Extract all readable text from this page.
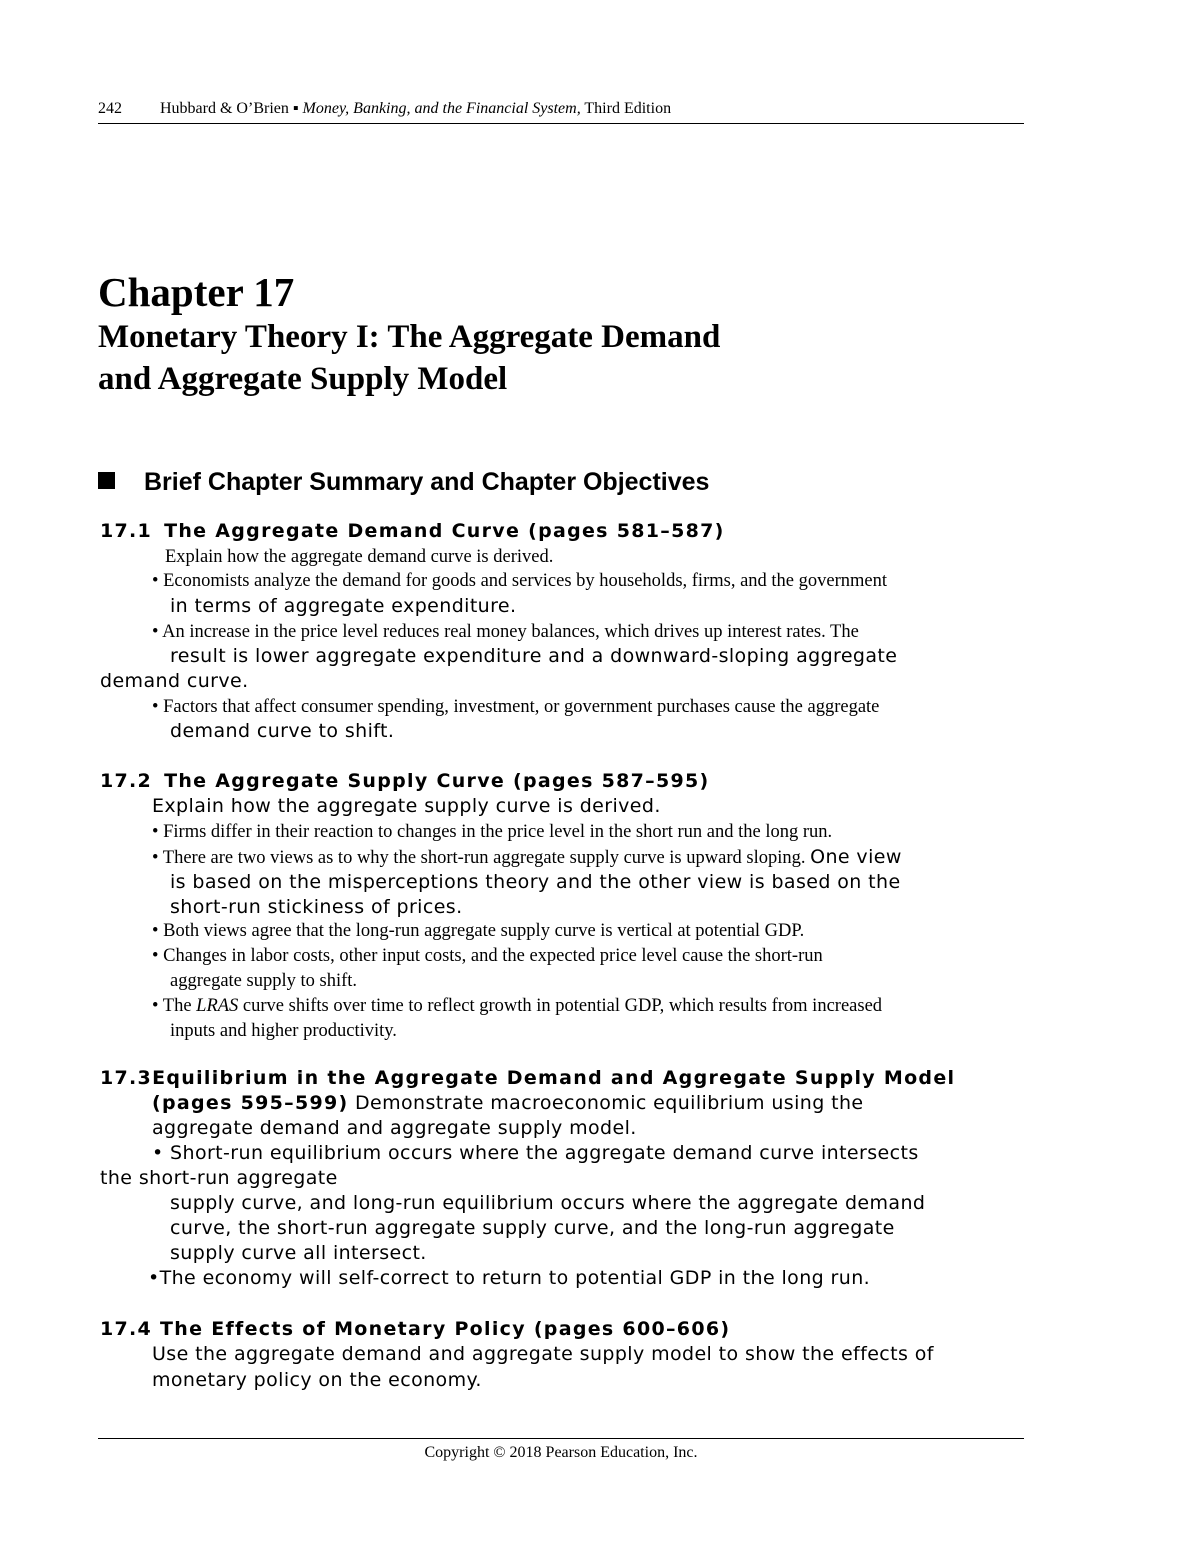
242 Hubbard & O’Brien ▪ Money, Banking, and the Financial System, Third Edition
Chapter 17
Monetary Theory I: The Aggregate Demand
and Aggregate Supply Model
Brief Chapter Summary and Chapter Objectives
17.1 The Aggregate Demand Curve (pages 581–587)
Explain how the aggregate demand curve is derived.
• Economists analyze the demand for goods and services by households, firms, and the government
in terms of aggregate expenditure.
• An increase in the price level reduces real money balances, which drives up interest rates. The
result is lower aggregate expenditure and a downward-sloping aggregate
demand curve.
• Factors that affect consumer spending, investment, or government purchases cause the aggregate
demand curve to shift.
17.2 The Aggregate Supply Curve (pages 587–595)
Explain how the aggregate supply curve is derived.
• Firms differ in their reaction to changes in the price level in the short run and the long run.
• There are two views as to why the short-run aggregate supply curve is upward sloping. One view
is based on the misperceptions theory and the other view is based on the
short-run stickiness of prices.
• Both views agree that the long-run aggregate supply curve is vertical at potential GDP.
• Changes in labor costs, other input costs, and the expected price level cause the short-run
aggregate supply to shift.
• The LRAS curve shifts over time to reflect growth in potential GDP, which results from increased
inputs and higher productivity.
17.3Equilibrium in the Aggregate Demand and Aggregate Supply Model
(pages 595–599) Demonstrate macroeconomic equilibrium using the
aggregate demand and aggregate supply model.
• Short-run equilibrium occurs where the aggregate demand curve intersects
the short-run aggregate
supply curve, and long-run equilibrium occurs where the aggregate demand
curve, the short-run aggregate supply curve, and the long-run aggregate
supply curve all intersect.
•The economy will self-correct to return to potential GDP in the long run.
17.4 The Effects of Monetary Policy (pages 600–606)
Use the aggregate demand and aggregate supply model to show the effects of
monetary policy on the economy.
Copyright © 2018 Pearson Education, Inc.
